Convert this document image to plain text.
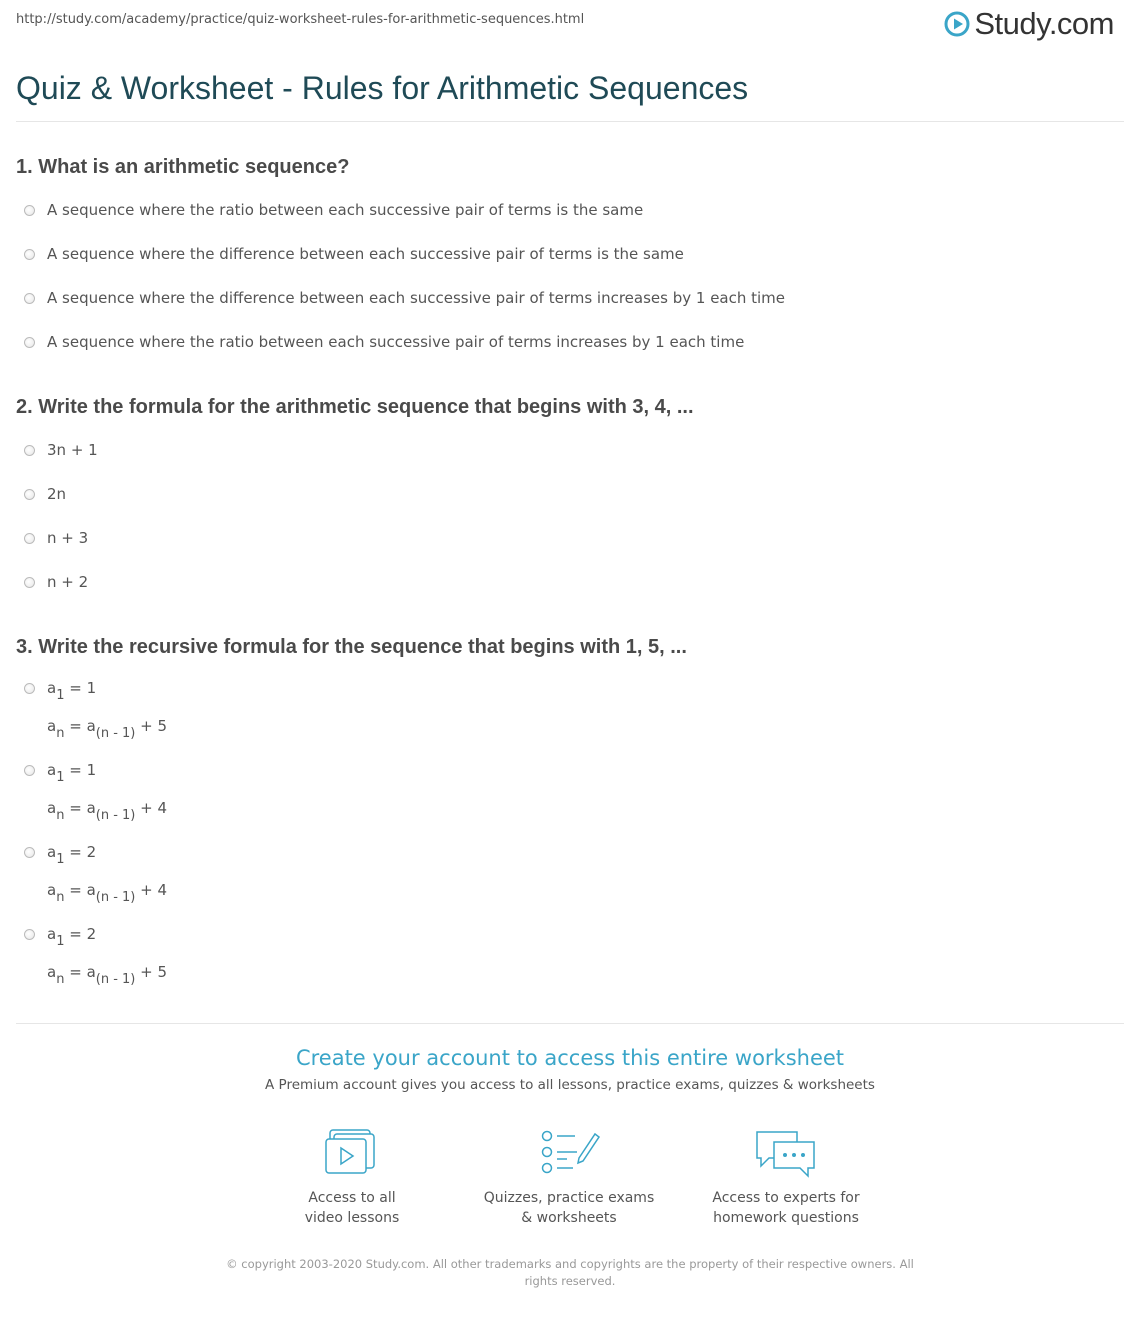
http://study.com/academy/practice/quiz-worksheet-rules-for-arithmetic-sequences.html	Study.com
Quiz & Worksheet - Rules for Arithmetic Sequences
1. What is an arithmetic sequence?
A sequence where the ratio between each successive pair of terms is the same
A sequence where the difference between each successive pair of terms is the same
A sequence where the difference between each successive pair of terms increases by 1 each time
A sequence where the ratio between each successive pair of terms increases by 1 each time
2. Write the formula for the arithmetic sequence that begins with 3, 4, ...
3n + 1
2n
n + 3
n + 2
3. Write the recursive formula for the sequence that begins with 1, 5, ...
$a_1 = 1$
$a_n = a_{(n - 1)} + 5$
$a_1 = 1$
$a_n = a_{(n - 1)} + 4$
$a_1 = 2$
$a_n = a_{(n - 1)} + 4$
$a_1 = 2$
$a_n = a_{(n - 1)} + 5$
Create your account to access this entire worksheet
A Premium account gives you access to all lessons, practice exams, quizzes & worksheets
Access to all
video lessons
Quizzes, practice exams
& worksheets
Access to experts for
homework questions
© copyright 2003-2020 Study.com. All other trademarks and copyrights are the property of their respective owners. All rights reserved.
